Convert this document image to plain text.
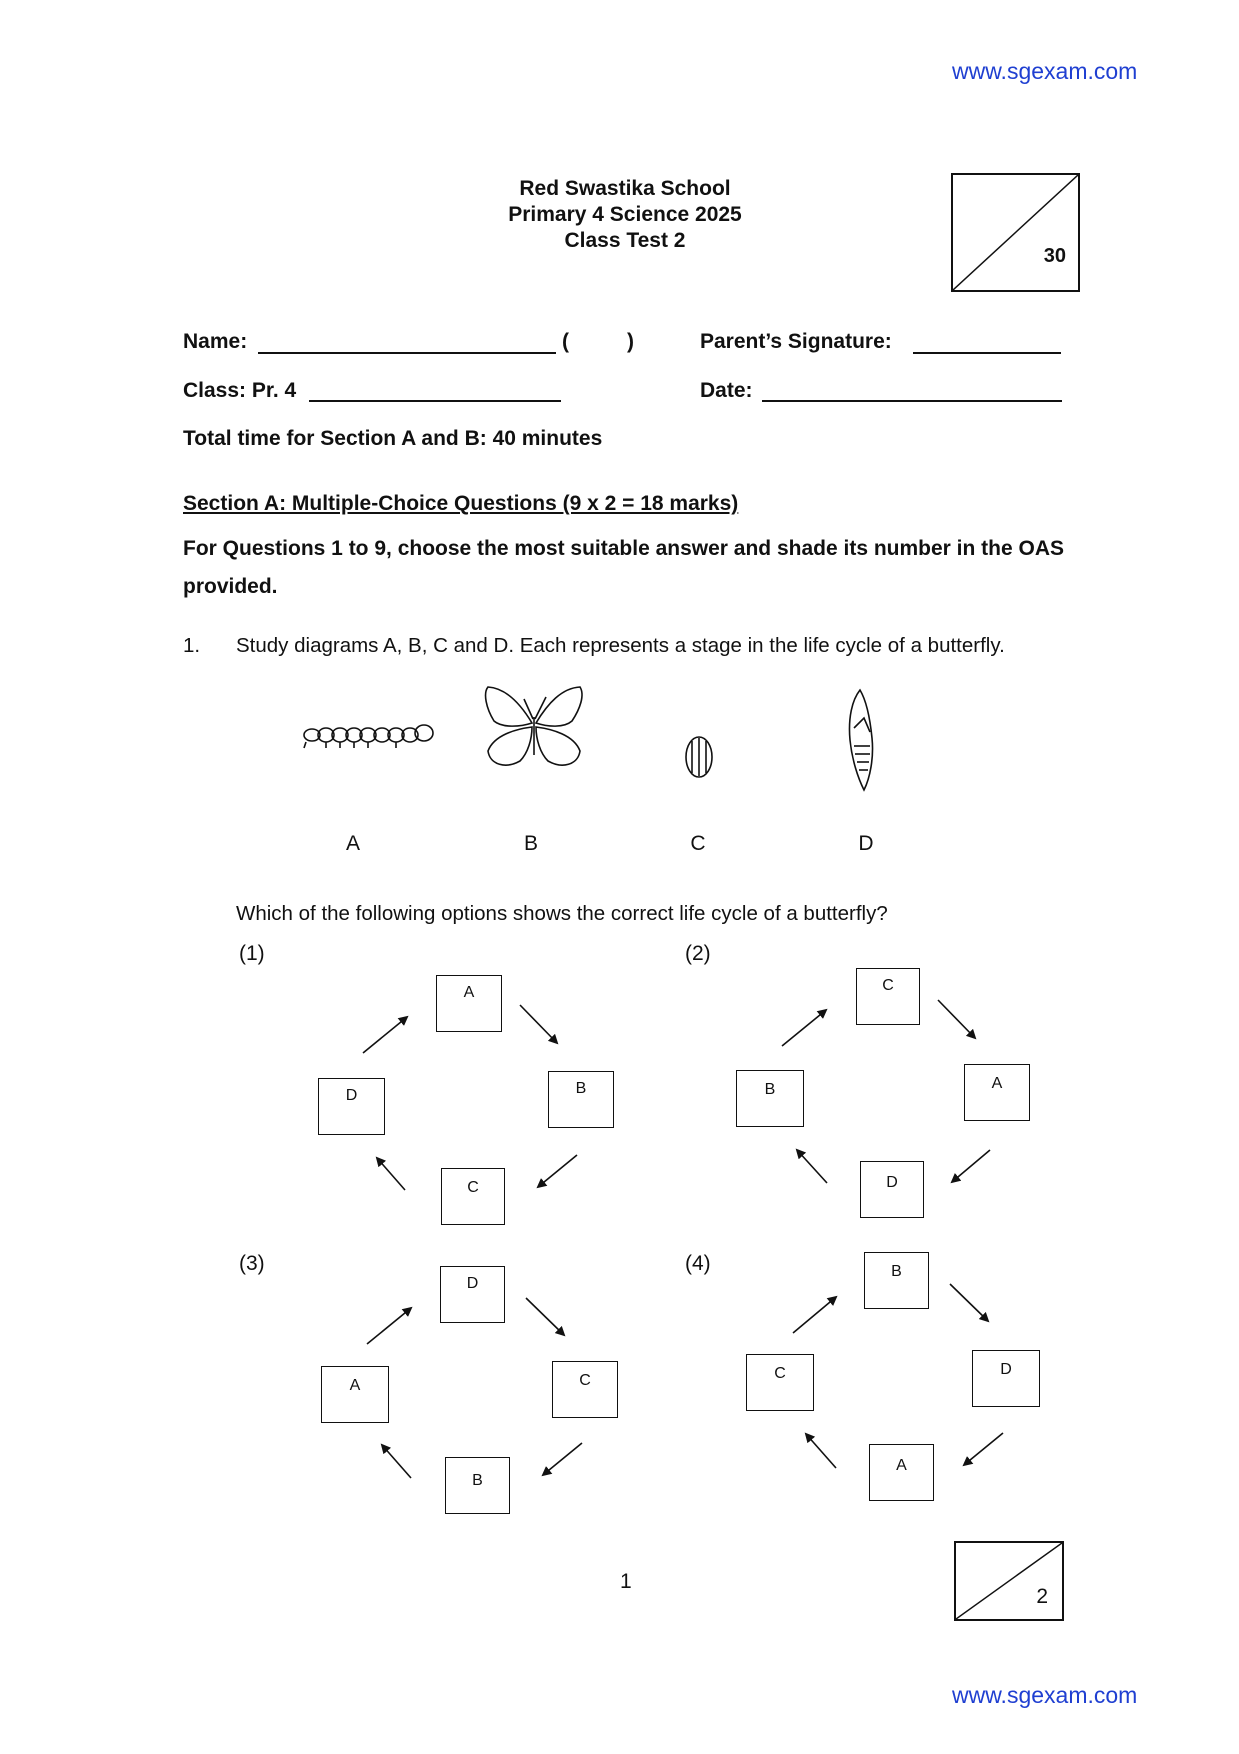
www.sgexam.com
Red Swastika School
Primary 4 Science 2025
Class Test 2
30
Name:	(	)	Parent’s Signature:
Class: Pr. 4	Date:
Total time for Section A and B: 40 minutes
Section A: Multiple-Choice Questions (9 x 2 = 18 marks)
For Questions 1 to 9, choose the most suitable answer and shade its number in the OAS provided.
1. Study diagrams A, B, C and D. Each represents a stage in the life cycle of a butterfly.
A	B	C	D
Which of the following options shows the correct life cycle of a butterfly?
(1)
A
B
C
D
(2)
C
A
D
B
(3)
D
C
B
A
(4)	B
D
A
C
1
2
www.sgexam.com
